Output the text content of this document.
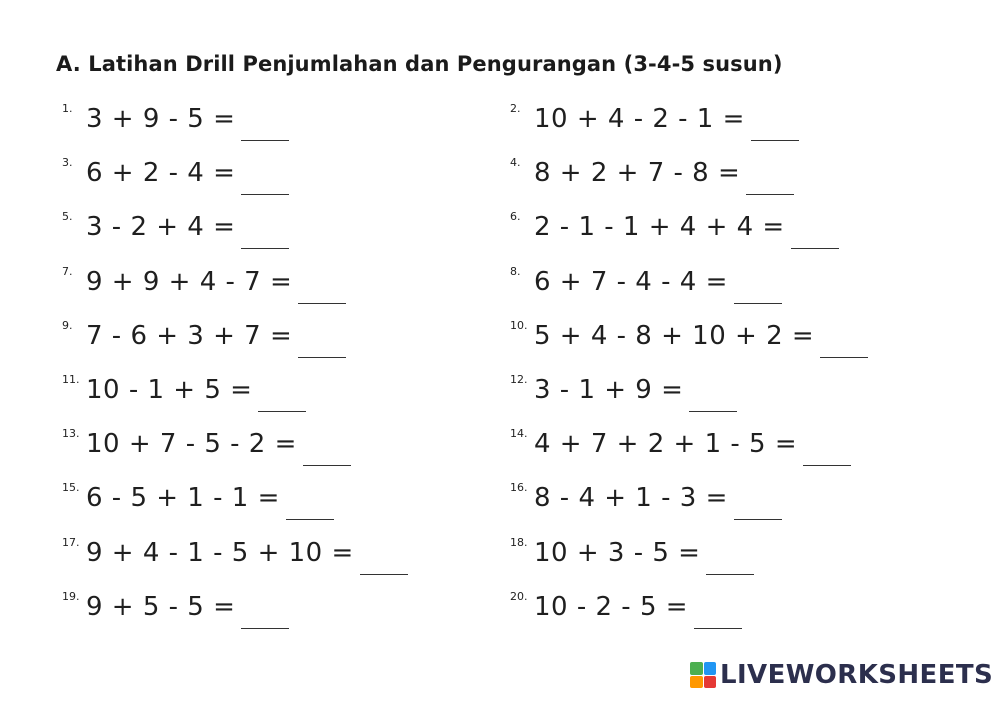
A. Latihan Drill Penjumlahan dan Pengurangan (3-4-5 susun)
1. 3 + 9 - 5 =
3. 6 + 2 - 4 =
5. 3 - 2 + 4 =
7. 9 + 9 + 4 - 7 =
9. 7 - 6 + 3 + 7 =
11. 10 - 1 + 5 =
13. 10 + 7 - 5 - 2 =
15. 6 - 5 + 1 - 1 =
17. 9 + 4 - 1 - 5 + 10 =
19. 9 + 5 - 5 =
2. 10 + 4 - 2 - 1 =
4. 8 + 2 + 7 - 8 =
6. 2 - 1 - 1 + 4 + 4 =
8. 6 + 7 - 4 - 4 =
10. 5 + 4 - 8 + 10 + 2 =
12. 3 - 1 + 9 =
14. 4 + 7 + 2 + 1 - 5 =
16. 8 - 4 + 1 - 3 =
18. 10 + 3 - 5 =
20. 10 - 2 - 5 =
LIVEWORKSHEETS
